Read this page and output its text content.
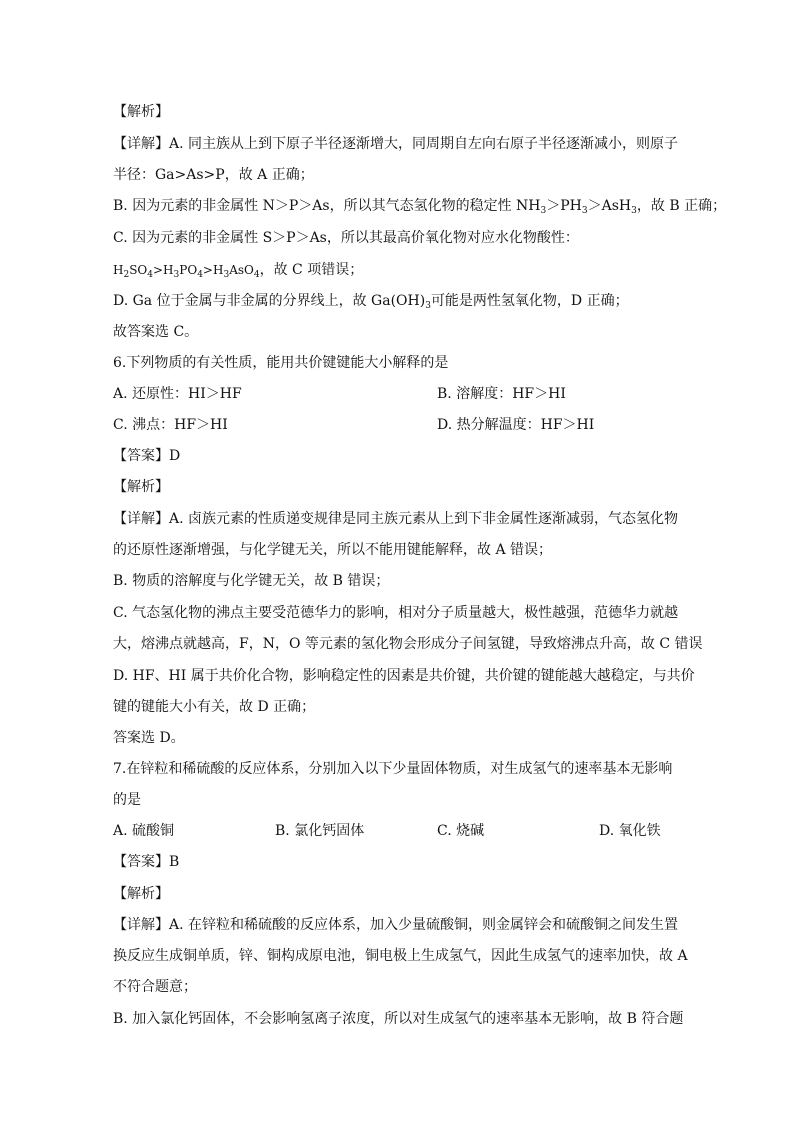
【解析】
【详解】A. 同主族从上到下原子半径逐渐增大，同周期自左向右原子半径逐渐减小，则原子
半径：Ga>As>P，故 A 正确；
B. 因为元素的非金属性 N＞P＞As，所以其气态氢化物的稳定性 $NH_3>PH_3>AsH_3$，故 B 正确；
C. 因为元素的非金属性 S＞P＞As，所以其最高价氧化物对应水化物酸性：
$H_2SO_4>H_3PO_4>H_3AsO_4$，故 C 项错误；
D. Ga 位于金属与非金属的分界线上，故 $Ga(OH)_3$可能是两性氢氧化物，D 正确；
故答案选 C。
6.下列物质的有关性质，能用共价键键能大小解释的是
A. 还原性：HI＞HF	B. 溶解度：HF＞HI
C. 沸点：HF＞HI	D. 热分解温度：HF＞HI
【答案】D
【解析】
【详解】A. 卤族元素的性质递变规律是同主族元素从上到下非金属性逐渐减弱，气态氢化物
的还原性逐渐增强，与化学键无关，所以不能用键能解释，故 A 错误；
B. 物质的溶解度与化学键无关，故 B 错误；
C. 气态氢化物的沸点主要受范德华力的影响，相对分子质量越大，极性越强，范德华力就越
大，熔沸点就越高，F，N，O 等元素的氢化物会形成分子间氢键，导致熔沸点升高，故 C 错误
D. HF、HI 属于共价化合物，影响稳定性的因素是共价键，共价键的键能越大越稳定，与共价
键的键能大小有关，故 D 正确；
答案选 D。
7.在锌粒和稀硫酸的反应体系，分别加入以下少量固体物质，对生成氢气的速率基本无影响
的是
A. 硫酸铜	B. 氯化钙固体	C. 烧碱	D. 氧化铁
【答案】B
【解析】
【详解】A. 在锌粒和稀硫酸的反应体系，加入少量硫酸铜，则金属锌会和硫酸铜之间发生置
换反应生成铜单质，锌、铜构成原电池，铜电极上生成氢气，因此生成氢气的速率加快，故 A
不符合题意；
B. 加入氯化钙固体，不会影响氢离子浓度，所以对生成氢气的速率基本无影响，故 B 符合题
